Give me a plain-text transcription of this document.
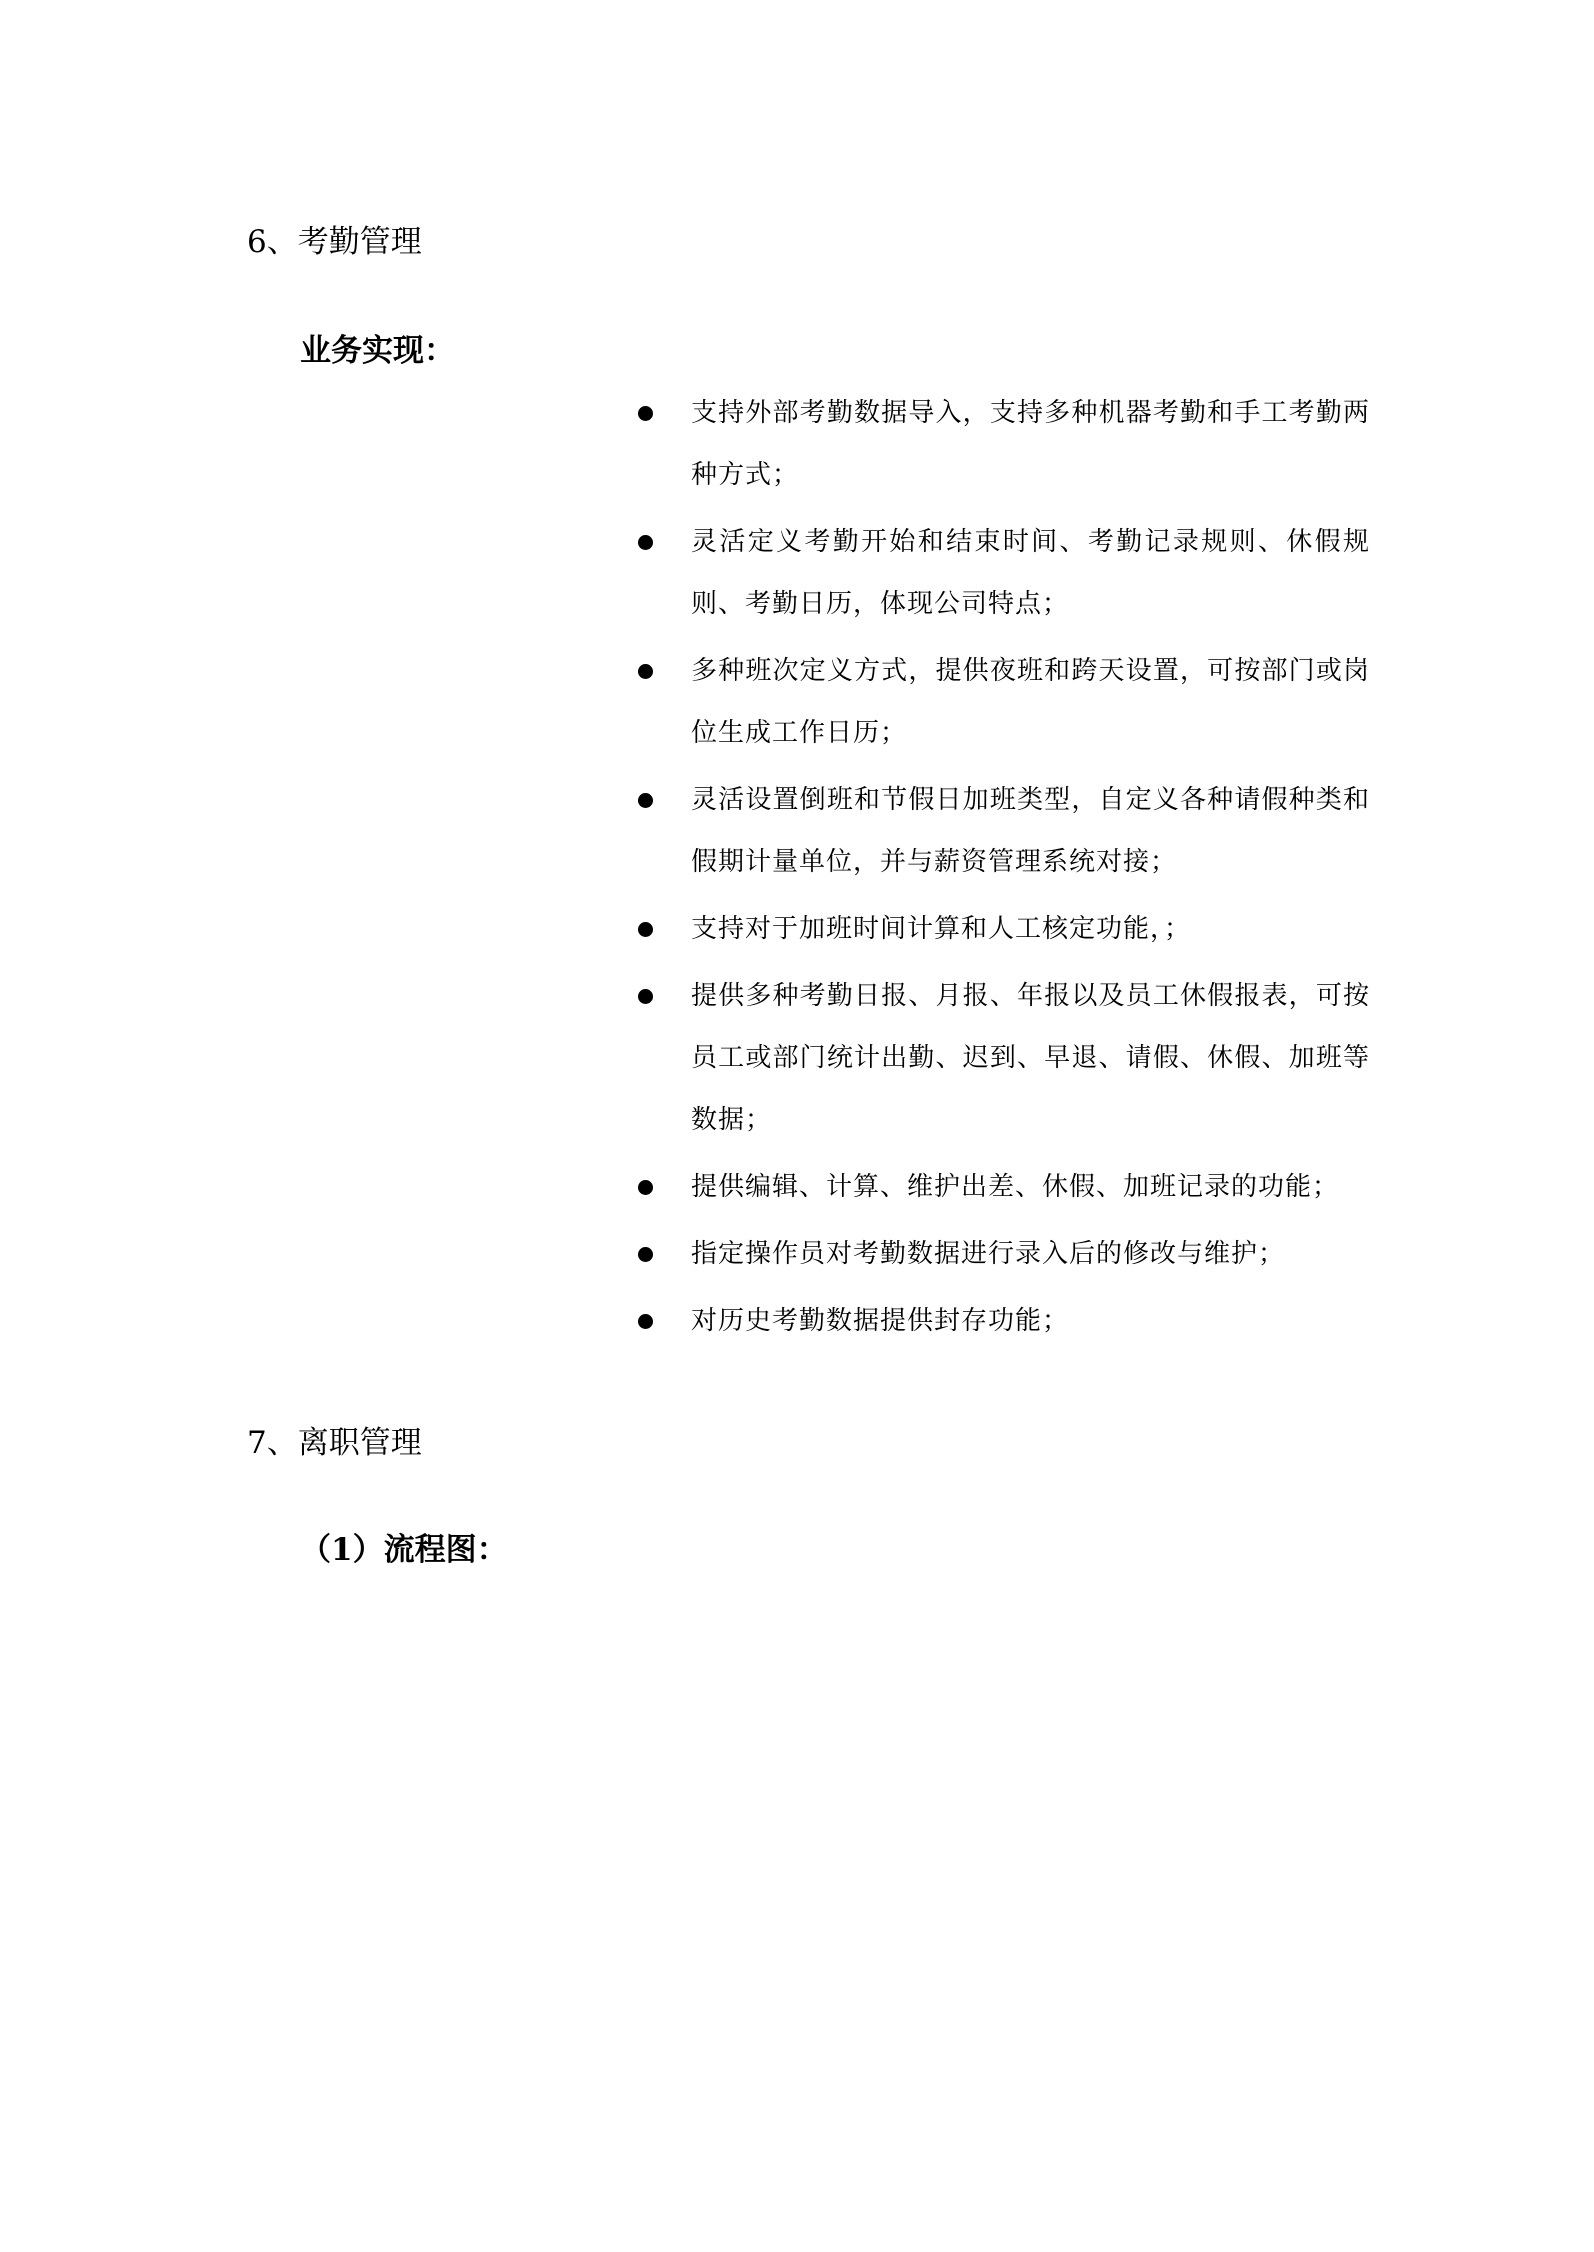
6、考勤管理
业务实现：
支持外部考勤数据导入，支持多种机器考勤和手工考勤两种方式；
灵活定义考勤开始和结束时间、考勤记录规则、休假规则、考勤日历，体现公司特点；
多种班次定义方式，提供夜班和跨天设置，可按部门或岗位生成工作日历；
灵活设置倒班和节假日加班类型，自定义各种请假种类和假期计量单位，并与薪资管理系统对接；
支持对于加班时间计算和人工核定功能，；
提供多种考勤日报、月报、年报以及员工休假报表，可按员工或部门统计出勤、迟到、早退、请假、休假、加班等数据；
提供编辑、计算、维护出差、休假、加班记录的功能；
指定操作员对考勤数据进行录入后的修改与维护；
对历史考勤数据提供封存功能；
7、离职管理
（1）流程图：
